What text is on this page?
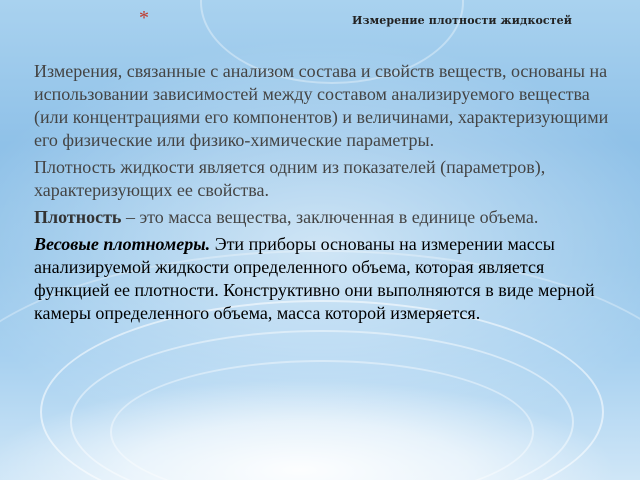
*	Измерение плотности жидкостей

Измерения, связанные с анализом состава и свойств веществ, основаны на использовании зависимостей между составом анализируемого вещества (или концентрациями его компонентов) и величинами, характеризующими его физические или физико-химические параметры.

Плотность жидкости является одним из показателей (параметров), характеризующих ее свойства.

Плотность – это масса вещества, заключенная в единице объема.

Весовые плотномеры. Эти приборы основаны на измерении массы анализируемой жидкости определенного объема, которая является функцией ее плотности. Конструктивно они выполняются в виде мерной камеры определенного объема, масса которой измеряется.
